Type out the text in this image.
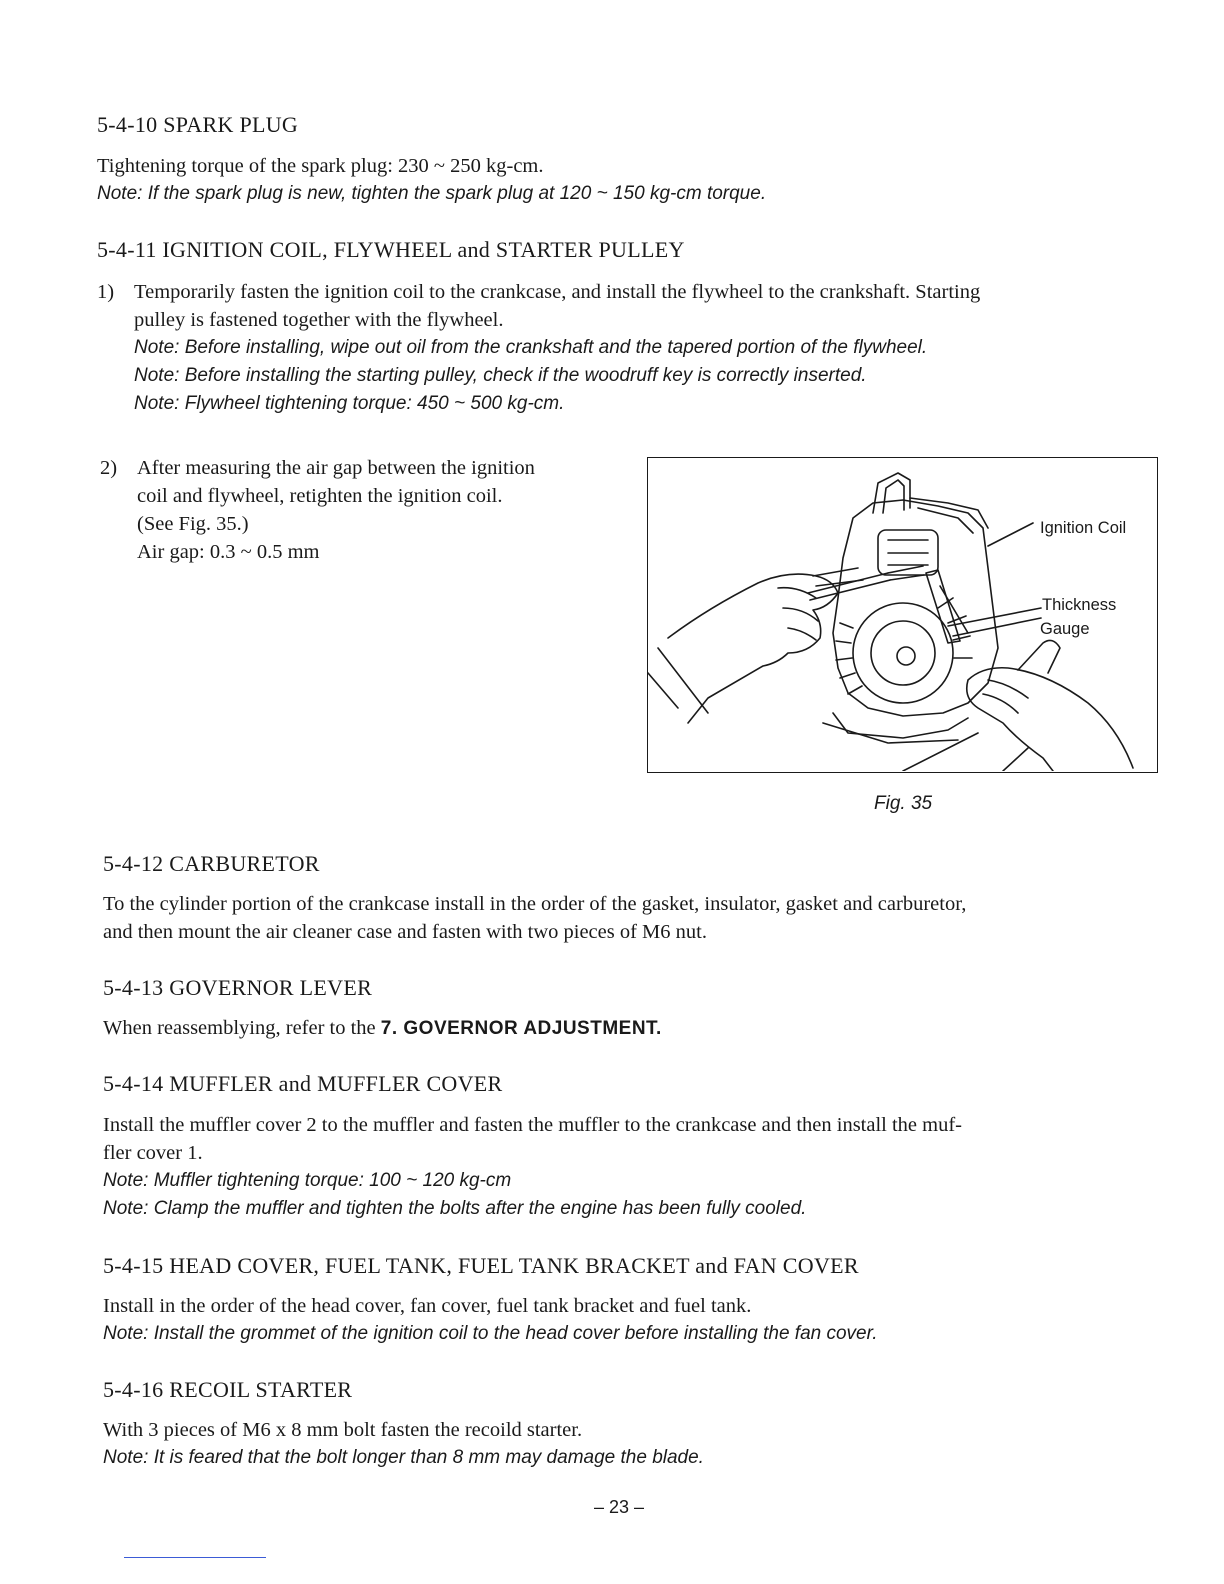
5-4-10 SPARK PLUG
Tightening torque of the spark plug: 230 ~ 250 kg-cm.
Note: If the spark plug is new, tighten the spark plug at 120 ~ 150 kg-cm torque.
5-4-11 IGNITION COIL, FLYWHEEL and STARTER PULLEY
1) Temporarily fasten the ignition coil to the crankcase, and install the flywheel to the crankshaft. Starting
pulley is fastened together with the flywheel.
Note: Before installing, wipe out oil from the crankshaft and the tapered portion of the flywheel.
Note: Before installing the starting pulley, check if the woodruff key is correctly inserted.
Note: Flywheel tightening torque: 450 ~ 500 kg-cm.
2) After measuring the air gap between the ignition
coil and flywheel, retighten the ignition coil.
(See Fig. 35.)
Air gap: 0.3 ~ 0.5 mm
Ignition Coil
Thickness
Gauge
Fig. 35
5-4-12 CARBURETOR
To the cylinder portion of the crankcase install in the order of the gasket, insulator, gasket and carburetor,
and then mount the air cleaner case and fasten with two pieces of M6 nut.
5-4-13 GOVERNOR LEVER
When reassemblying, refer to the 7. GOVERNOR ADJUSTMENT.
5-4-14 MUFFLER and MUFFLER COVER
Install the muffler cover 2 to the muffler and fasten the muffler to the crankcase and then install the muf-
fler cover 1.
Note: Muffler tightening torque: 100 ~ 120 kg-cm
Note: Clamp the muffler and tighten the bolts after the engine has been fully cooled.
5-4-15 HEAD COVER, FUEL TANK, FUEL TANK BRACKET and FAN COVER
Install in the order of the head cover, fan cover, fuel tank bracket and fuel tank.
Note: Install the grommet of the ignition coil to the head cover before installing the fan cover.
5-4-16 RECOIL STARTER
With 3 pieces of M6 x 8 mm bolt fasten the recoild starter.
Note: It is feared that the bolt longer than 8 mm may damage the blade.
– 23 –
